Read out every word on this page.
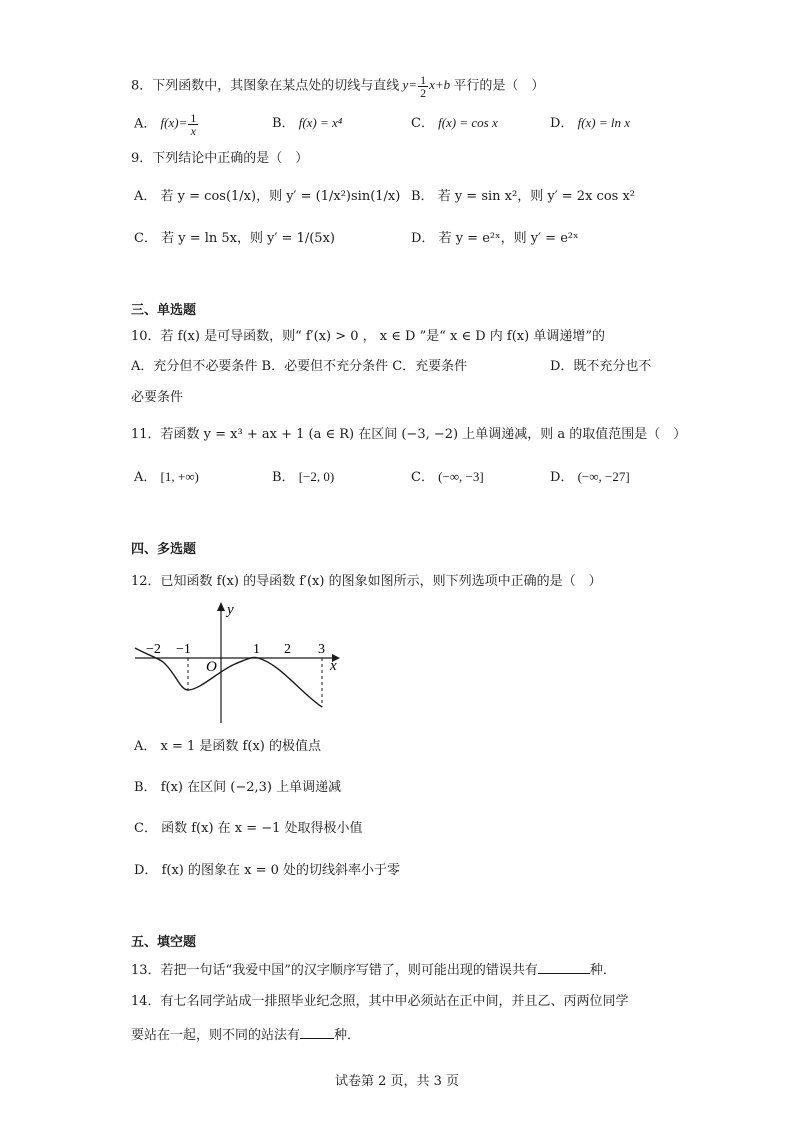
8．下列函数中，其图象在某点处的切线与直线 $y= \frac{1}{2} x+b$ 平行的是（　）
A． $f(x)= \frac{1}{x}$	B． f(x) = x⁴	C． f(x) = cos x	D． f(x) = ln x
9．下列结论中正确的是（　）
A． 若 y = cos(1/x)，则 y′ = (1/x²)sin(1/x) B． 若 y = sin x²，则 y′ = 2x cos x²
C． 若 y = ln 5x，则 y′ = 1/(5x)	D． 若 y = e²ˣ，则 y′ = e²ˣ
三、单选题
10．若 f(x) 是可导函数，则“ f′(x) > 0 ， x ∈ D ”是“ x ∈ D 内 f(x) 单调递增”的
A．充分但不必要条件 B．必要但不充分条件 C．充要条件	D．既不充分也不
必要条件
11．若函数 y = x³ + ax + 1 (a ∈ R) 在区间 (−3, −2) 上单调递减，则 a 的取值范围是（　）
A． [1, +∞)	B． [−2, 0)	C． (−∞, −3]	D． (−∞, −27]
四、多选题
12．已知函数 f(x) 的导函数 f′(x) 的图象如图所示，则下列选项中正确的是（　）
y
x
O
−2 −1	1 2 3
A． x = 1 是函数 f(x) 的极值点
B． f(x) 在区间 (−2,3) 上单调递减
C． 函数 f(x) 在 x = −1 处取得极小值
D． f(x) 的图象在 x = 0 处的切线斜率小于零
五、填空题
13．若把一句话“我爱中国”的汉字顺序写错了，则可能出现的错误共有	种．
14．有七名同学站成一排照毕业纪念照，其中甲必须站在正中间，并且乙、丙两位同学
要站在一起，则不同的站法有	种．
试卷第 2 页，共 3 页
